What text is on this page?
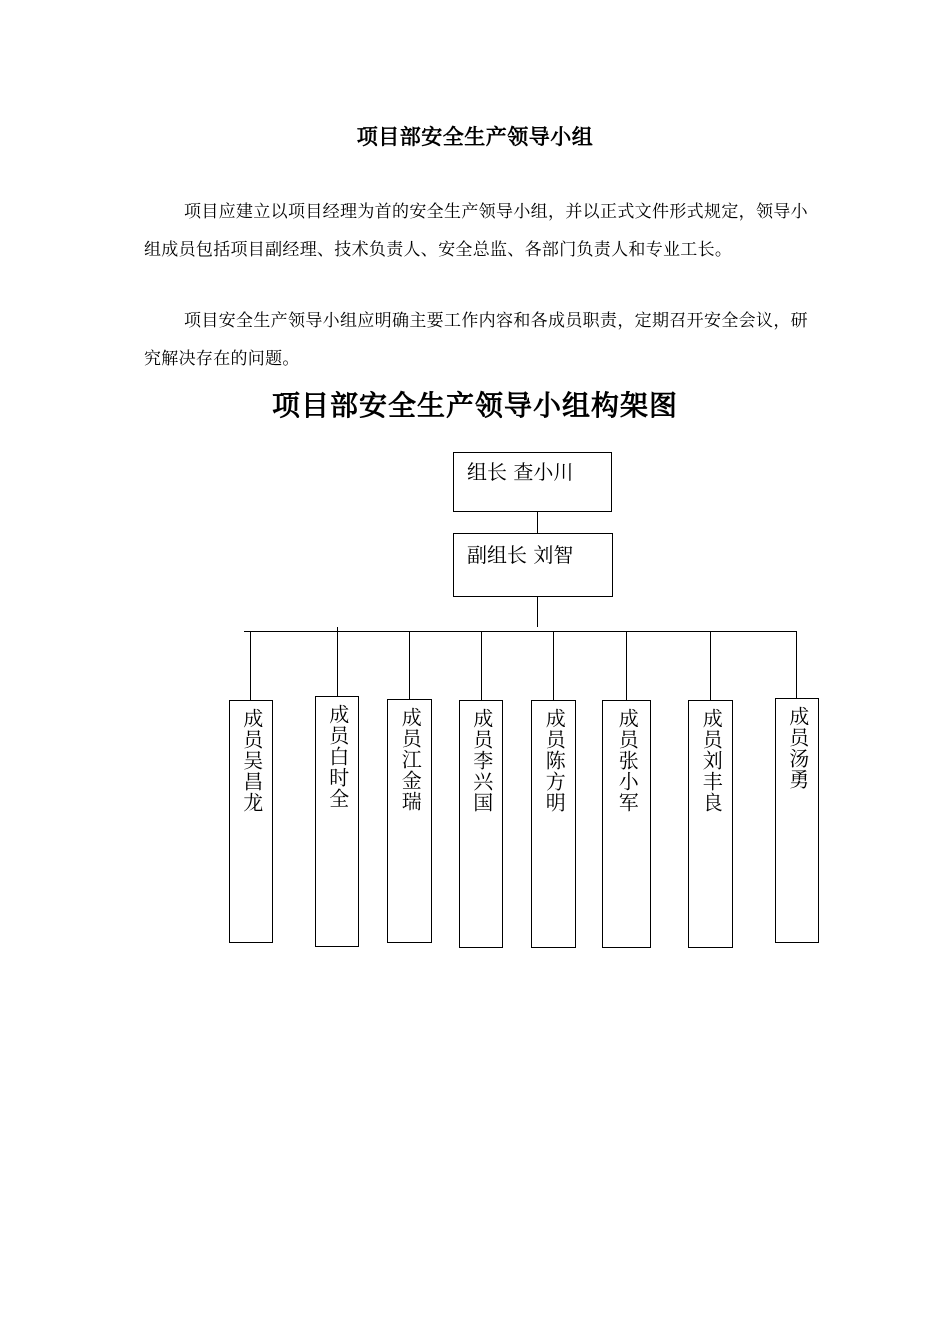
项目部安全生产领导小组

项目应建立以项目经理为首的安全生产领导小组，并以正式文件形式规定，领导小组成员包括项目副经理、技术负责人、安全总监、各部门负责人和专业工长。

项目安全生产领导小组应明确主要工作内容和各成员职责，定期召开安全会议，研究解决存在的问题。

项目部安全生产领导小组构架图
组长 查小川
副组长 刘智
成员吴昌龙	成员白时全 成员江金瑞 成员李兴国 成员陈方明 成员张小军	成员刘丰良	成员汤勇
